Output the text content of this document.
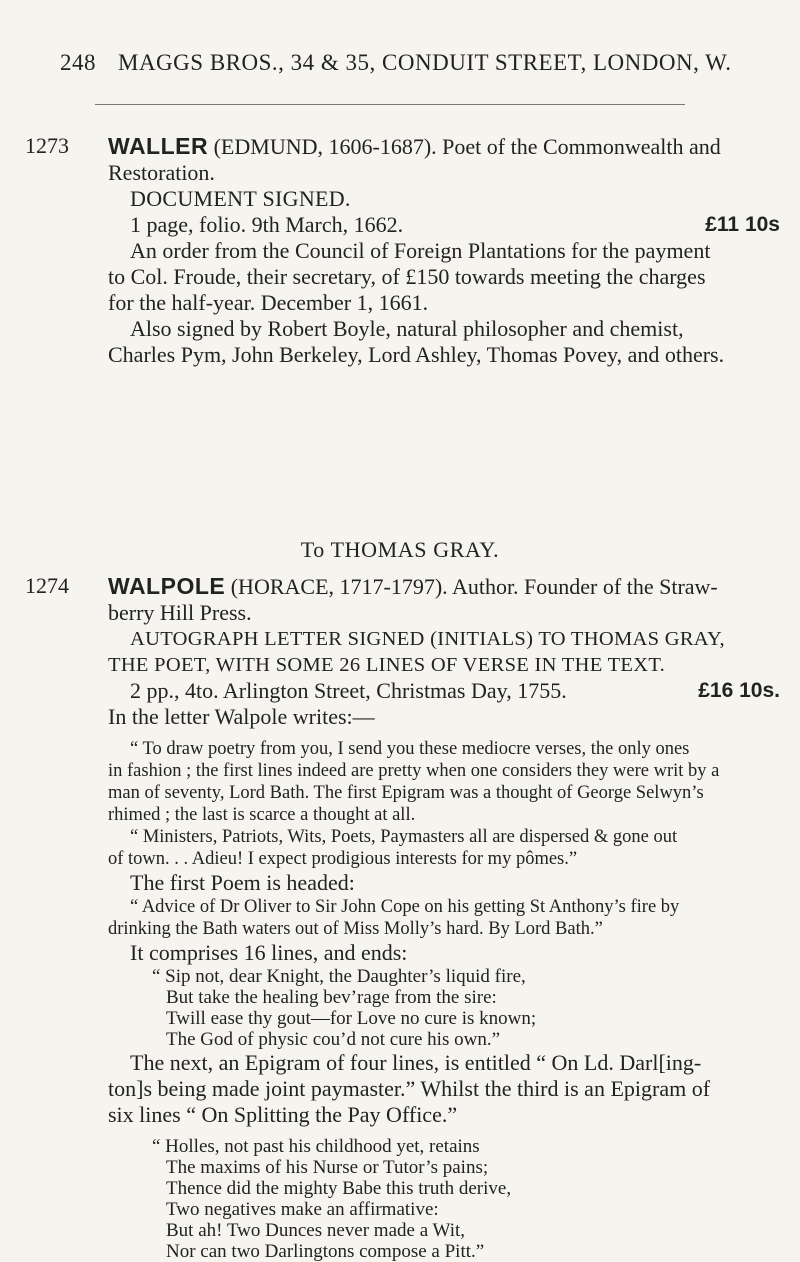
248 MAGGS BROS., 34 & 35, CONDUIT STREET, LONDON, W.
1273 WALLER (EDMUND, 1606-1687). Poet of the Commonwealth and

Restoration.

DOCUMENT SIGNED.

1 page, folio. 9th March, 1662.	£11 10s

An order from the Council of Foreign Plantations for the payment

to Col. Froude, their secretary, of £150 towards meeting the charges

for the half-year. December 1, 1661.

Also signed by Robert Boyle, natural philosopher and chemist,

Charles Pym, John Berkeley, Lord Ashley, Thomas Povey, and others.

To THOMAS GRAY.
1274 WALPOLE (HORACE, 1717-1797). Author. Founder of the Straw-

berry Hill Press.

AUTOGRAPH LETTER SIGNED (INITIALS) TO THOMAS GRAY,

THE POET, WITH SOME 26 LINES OF VERSE IN THE TEXT.

2 pp., 4to. Arlington Street, Christmas Day, 1755.	£16 10s.

In the letter Walpole writes:—

“ To draw poetry from you, I send you these mediocre verses, the only ones

in fashion ; the first lines indeed are pretty when one considers they were writ by a

man of seventy, Lord Bath. The first Epigram was a thought of George Selwyn’s

rhimed ; the last is scarce a thought at all.

“ Ministers, Patriots, Wits, Poets, Paymasters all are dispersed & gone out

of town. . . Adieu! I expect prodigious interests for my pômes.”

The first Poem is headed:

“ Advice of Dr Oliver to Sir John Cope on his getting St Anthony’s fire by

drinking the Bath waters out of Miss Molly’s hard. By Lord Bath.”

It comprises 16 lines, and ends:

“ Sip not, dear Knight, the Daughter’s liquid fire,

But take the healing bev’rage from the sire:

Twill ease thy gout—for Love no cure is known;

The God of physic cou’d not cure his own.”

The next, an Epigram of four lines, is entitled “ On Ld. Darl[ing-

ton]s being made joint paymaster.” Whilst the third is an Epigram of

six lines “ On Splitting the Pay Office.”

“ Holles, not past his childhood yet, retains

The maxims of his Nurse or Tutor’s pains;

Thence did the mighty Babe this truth derive,

Two negatives make an affirmative:

But ah! Two Dunces never made a Wit,

Nor can two Darlingtons compose a Pitt.”
